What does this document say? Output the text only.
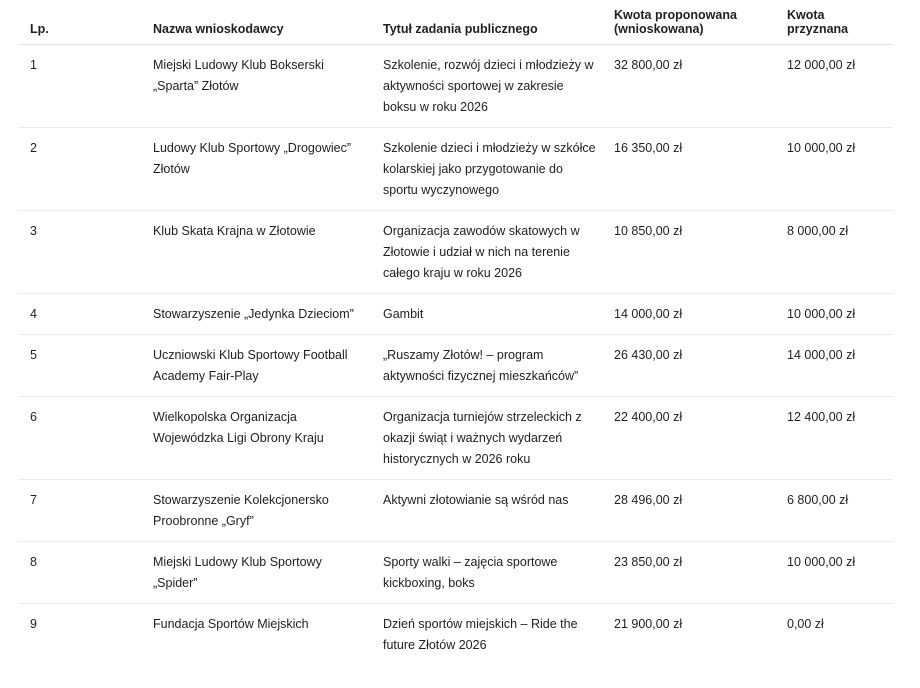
Lp.	Nazwa wnioskodawcy	Tytuł zadania publicznego	Kwota proponowana (wnioskowana)	Kwota przyznana
1	Miejski Ludowy Klub Bokserski „Sparta” Złotów	Szkolenie, rozwój dzieci i młodzieży w aktywności sportowej w zakresie boksu w roku 2026	32 800,00 zł	12 000,00 zł
2	Ludowy Klub Sportowy „Drogowiec” Złotów	Szkolenie dzieci i młodzieży w szkółce kolarskiej jako przygotowanie do sportu wyczynowego	16 350,00 zł	10 000,00 zł
3	Klub Skata Krajna w Złotowie	Organizacja zawodów skatowych w Złotowie i udział w nich na terenie całego kraju w roku 2026	10 850,00 zł	8 000,00 zł
4	Stowarzyszenie „Jedynka Dzieciom”	Gambit	14 000,00 zł	10 000,00 zł
5	Uczniowski Klub Sportowy Football Academy Fair-Play	„Ruszamy Złotów! – program aktywności fizycznej mieszkańców”	26 430,00 zł	14 000,00 zł
6	Wielkopolska Organizacja Wojewódzka Ligi Obrony Kraju	Organizacja turniejów strzeleckich z okazji świąt i ważnych wydarzeń historycznych w 2026 roku	22 400,00 zł	12 400,00 zł
7	Stowarzyszenie Kolekcjonersko Proobronne „Gryf”	Aktywni złotowianie są wśród nas	28 496,00 zł	6 800,00 zł
8	Miejski Ludowy Klub Sportowy „Spider”	Sporty walki – zajęcia sportowe kickboxing, boks	23 850,00 zł	10 000,00 zł
9	Fundacja Sportów Miejskich	Dzień sportów miejskich – Ride the future Złotów 2026	21 900,00 zł	0,00 zł
